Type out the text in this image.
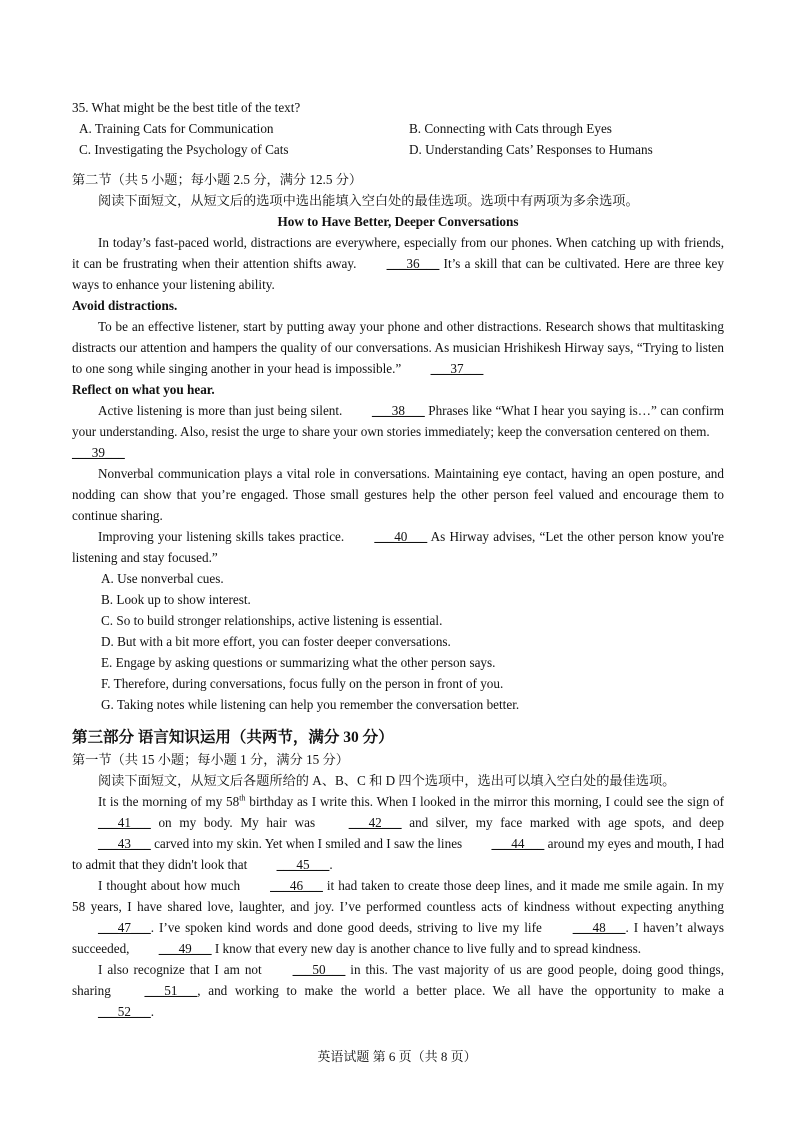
35. What might be the best title of the text?

A. Training Cats for Communication	B. Connecting with Cats through Eyes
C. Investigating the Psychology of Cats	D. Understanding Cats’ Responses to Humans

第二节（共 5 小题；每小题 2.5 分，满分 12.5 分）

阅读下面短文，从短文后的选项中选出能填入空白处的最佳选项。选项中有两项为多余选项。

How to Have Better, Deeper Conversations

In today’s fast-paced world, distractions are everywhere, especially from our phones. When catching up with friends, it can be frustrating when their attention shifts away. ___36___ It’s a skill that can be cultivated. Here are three key ways to enhance your listening ability.

Avoid distractions.

To be an effective listener, start by putting away your phone and other distractions. Research shows that multitasking distracts our attention and hampers the quality of our conversations. As musician Hrishikesh Hirway says, “Trying to listen to one song while singing another in your head is impossible.” ___37___

Reflect on what you hear.

Active listening is more than just being silent. ___38___ Phrases like “What I hear you saying is…” can confirm your understanding. Also, resist the urge to share your own stories immediately; keep the conversation centered on them.

___39___

Nonverbal communication plays a vital role in conversations. Maintaining eye contact, having an open posture, and nodding can show that you’re engaged. Those small gestures help the other person feel valued and encourage them to continue sharing.

Improving your listening skills takes practice. ___40___ As Hirway advises, “Let the other person know you're listening and stay focused.”

A. Use nonverbal cues.

B. Look up to show interest.

C. So to build stronger relationships, active listening is essential.

D. But with a bit more effort, you can foster deeper conversations.

E. Engage by asking questions or summarizing what the other person says.

F. Therefore, during conversations, focus fully on the person in front of you.

G. Taking notes while listening can help you remember the conversation better.

第三部分 语言知识运用（共两节，满分 30 分）

第一节（共 15 小题；每小题 1 分，满分 15 分）

阅读下面短文，从短文后各题所给的 A、B、C 和 D 四个选项中，选出可以填入空白处的最佳选项。

It is the morning of my 58th birthday as I write this. When I looked in the mirror this morning, I could see the sign of ___41___ on my body. My hair was ___42___ and silver, my face marked with age spots, and deep ___43___ carved into my skin. Yet when I smiled and I saw the lines ___44___ around my eyes and mouth, I had to admit that they didn't look that ___45___.

I thought about how much ___46___ it had taken to create those deep lines, and it made me smile again. In my 58 years, I have shared love, laughter, and joy. I’ve performed countless acts of kindness without expecting anything ___47___. I’ve spoken kind words and done good deeds, striving to live my life ___48___. I haven’t always succeeded, ___49___ I know that every new day is another chance to live fully and to spread kindness.

I also recognize that I am not ___50___ in this. The vast majority of us are good people, doing good things, sharing ___51___, and working to make the world a better place. We all have the opportunity to make a ___52___.

英语试题 第 6 页（共 8 页）
